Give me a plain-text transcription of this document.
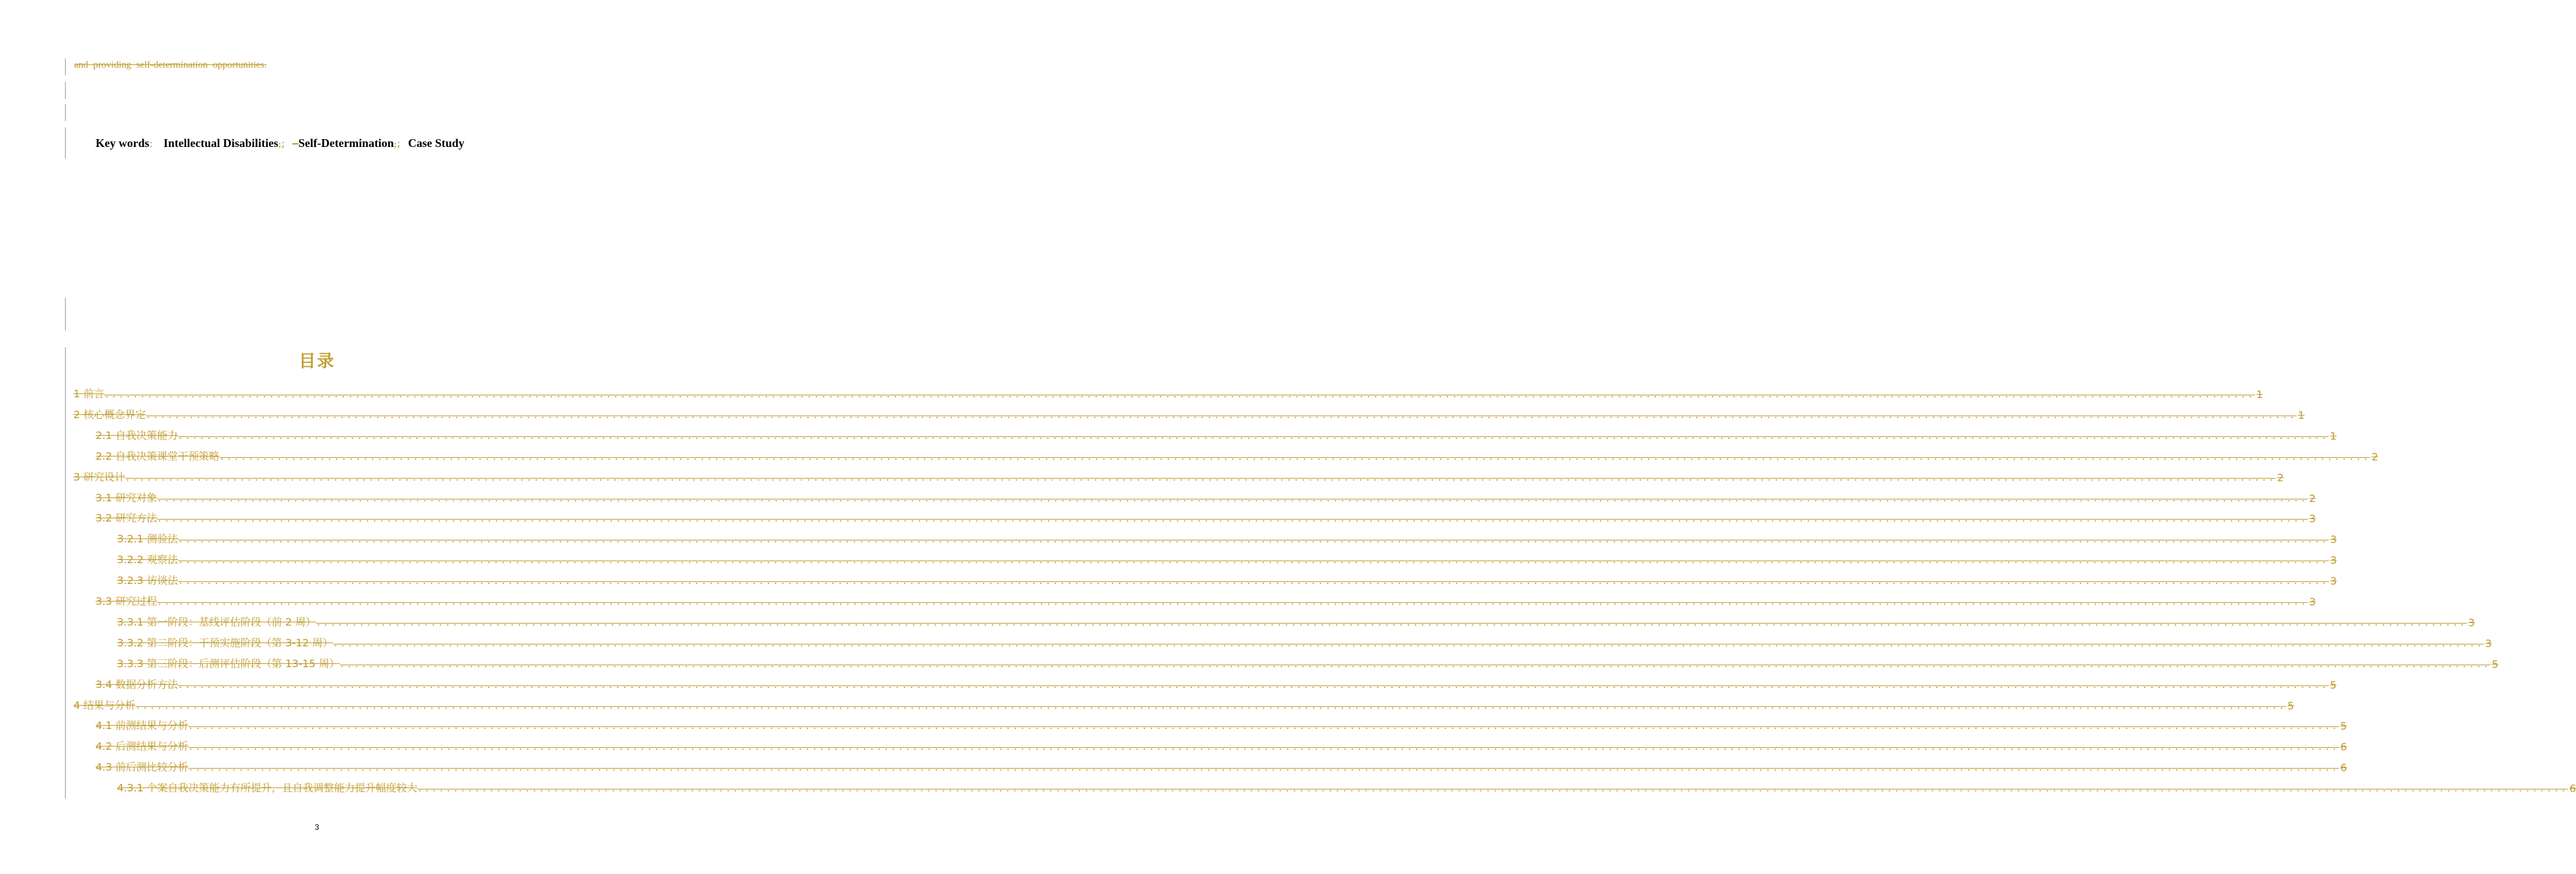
and providing self-determination opportunities.
Key words： Intellectual Disabilities;； –Self-Determination;； Case Study
目录
1 前言 ............................................................................................................................................................................................................................................................................................................ 1
2 核心概念界定 ............................................................................................................................................................................................................................................................................................................ 1
2.1 自我决策能力 ............................................................................................................................................................................................................................................................................................................ 1
2.2 自我决策课堂干预策略 ............................................................................................................................................................................................................................................................................................................ 2
3 研究设计 ............................................................................................................................................................................................................................................................................................................ 2
3.1 研究对象 ............................................................................................................................................................................................................................................................................................................ 2
3.2 研究方法 ............................................................................................................................................................................................................................................................................................................ 3
3.2.1 测验法 ............................................................................................................................................................................................................................................................................................................ 3
3.2.2 观察法 ............................................................................................................................................................................................................................................................................................................ 3
3.2.3 访谈法 ............................................................................................................................................................................................................................................................................................................ 3
3.3 研究过程 ............................................................................................................................................................................................................................................................................................................ 3
3.3.1 第一阶段：基线评估阶段（前 2 周） ............................................................................................................................................................................................................................................................................................................ 3
3.3.2 第二阶段：干预实施阶段（第 3-12 周） ............................................................................................................................................................................................................................................................................................................ 3
3.3.3 第三阶段：后测评估阶段（第 13-15 周） ............................................................................................................................................................................................................................................................................................................ 5
3.4 数据分析方法 ............................................................................................................................................................................................................................................................................................................ 5
4 结果与分析 ............................................................................................................................................................................................................................................................................................................ 5
4.1 前测结果与分析 ............................................................................................................................................................................................................................................................................................................ 5
4.2 后测结果与分析 ............................................................................................................................................................................................................................................................................................................ 6
4.3 前后测比较分析 ............................................................................................................................................................................................................................................................................................................ 6
4.3.1 个案自我决策能力有所提升，且自我调整能力提升幅度较大 ............................................................................................................................................................................................................................................................................................................ 6
3
